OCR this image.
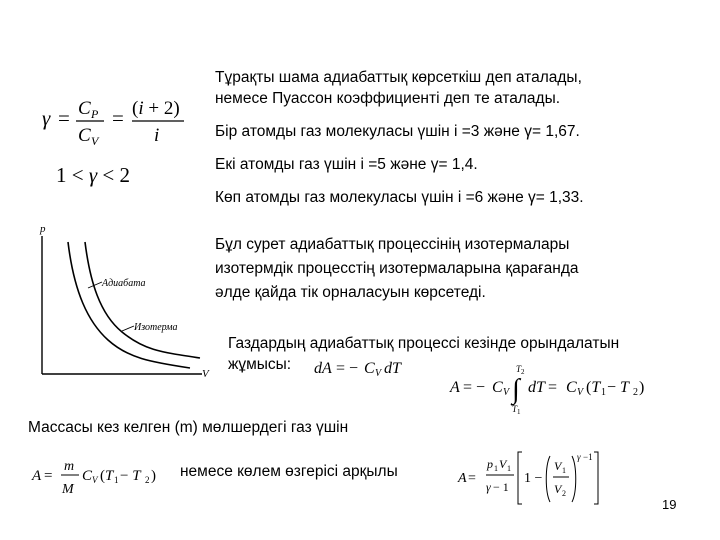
γ = C P
C V
= (i + 2)
i
1 < γ < 2
Тұрақты шама адиабаттық көрсеткіш деп аталады,
немесе Пуассон коэффициенті деп те аталады.
Бір атомды газ молекуласы үшін i =3 және γ= 1,67.
Екі атомды газ үшін i =5 және γ= 1,4.
Көп атомды газ молекуласы үшін i =6 және γ= 1,33.
Бұл сурет адиабаттық процессінің изотермалары
изотермдік процесстің изотермаларына қарағанда
әлде қайда тік орналасуын көрсетеді.
p
V
Адиабата
Изотерма
Газдардың адиабаттық процессі кезінде орындалатын
жұмысы: dA = − C V dT
A = − C V ∫
T 2
T 1
dT = C V (T 1 − T 2 )
Массасы кез келген (m) мөлшердегі газ үшін
A =
m
M
C V (T 1 − T 2 ) немесе көлем өзгерісі арқылы	A =
p 1 V 1
γ − 1
1 −
V 1
V 2
γ −1
19
